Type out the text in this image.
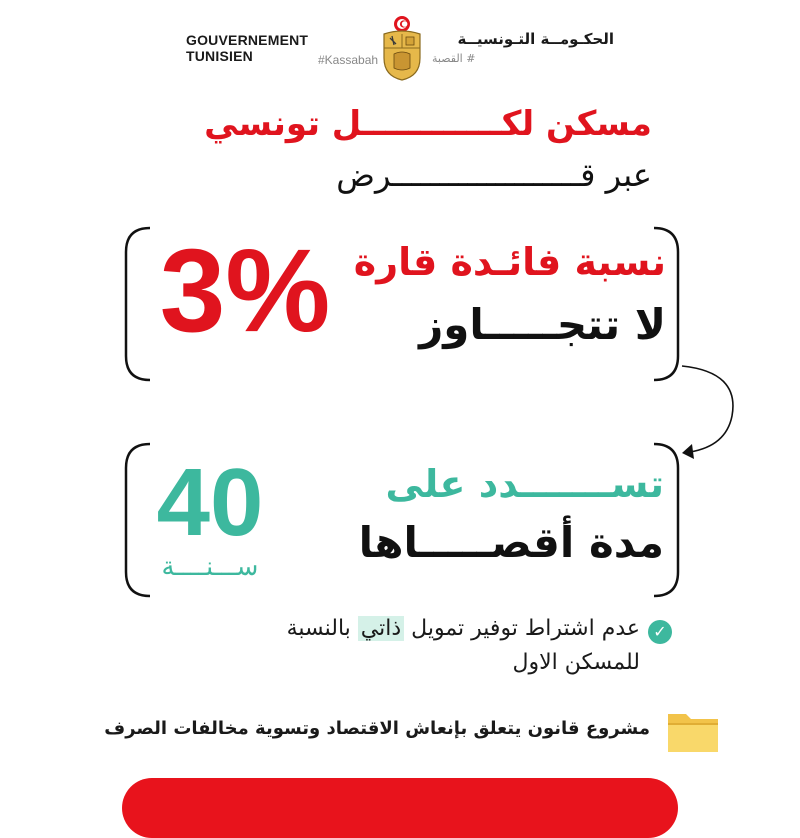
GOUVERNEMENT TUNISIEN	#Kassabah
الحكـومــة التـونسيــة
# القصبة
مسكن لكــــــــــــل تونسي
عبر قــــــــــــــــــــرض
نسبة فائـدة قارة
لا تتجـــــاوز
3%
تســـــــدد على
مدة أقصـــــاها
40
ســـنــــة
✓
عدم اشتراط توفير تمويل ذاتي بالنسبة
للمسكن الاول
مشروع قانون يتعلق بإنعاش الاقتصاد وتسوية مخالفات الصرف
